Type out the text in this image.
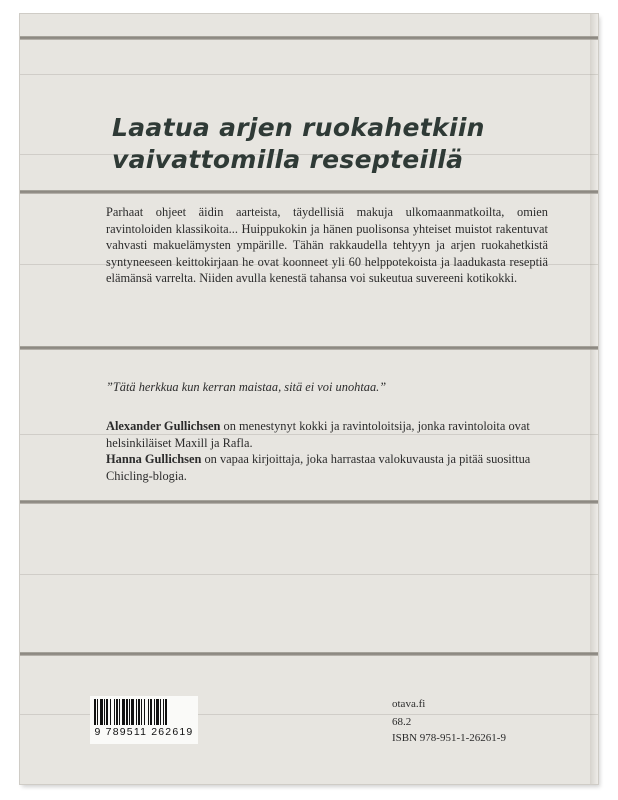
Laatua arjen ruokahetkiin
vaivattomilla resepteillä

Parhaat ohjeet äidin aarteista, täydellisiä makuja ulkomaanmatkoilta, omien ravintoloiden klassikoita... Huippukokin ja hänen puolisonsa yhteiset muistot rakentuvat vahvasti makuelämysten ympärille. Tähän rakkaudella tehtyyn ja arjen ruokahetkistä syntyneeseen keittokirjaan he ovat koonneet yli 60 helppotekoista ja laadukasta reseptiä elämänsä varrelta. Niiden avulla kenestä tahansa voi sukeutua suvereeni kotikokki.

”Tätä herkkua kun kerran maistaa, sitä ei voi unohtaa.”

Alexander Gullichsen on menestynyt kokki ja ravintoloitsija, jonka ravintoloita ovat helsinkiläiset Maxill ja Rafla.

Hanna Gullichsen on vapaa kirjoittaja, joka harrastaa valokuvausta ja pitää suosittua Chicling-blogia.

9 789511 262619
otava.fi
68.2
ISBN 978-951-1-26261-9
